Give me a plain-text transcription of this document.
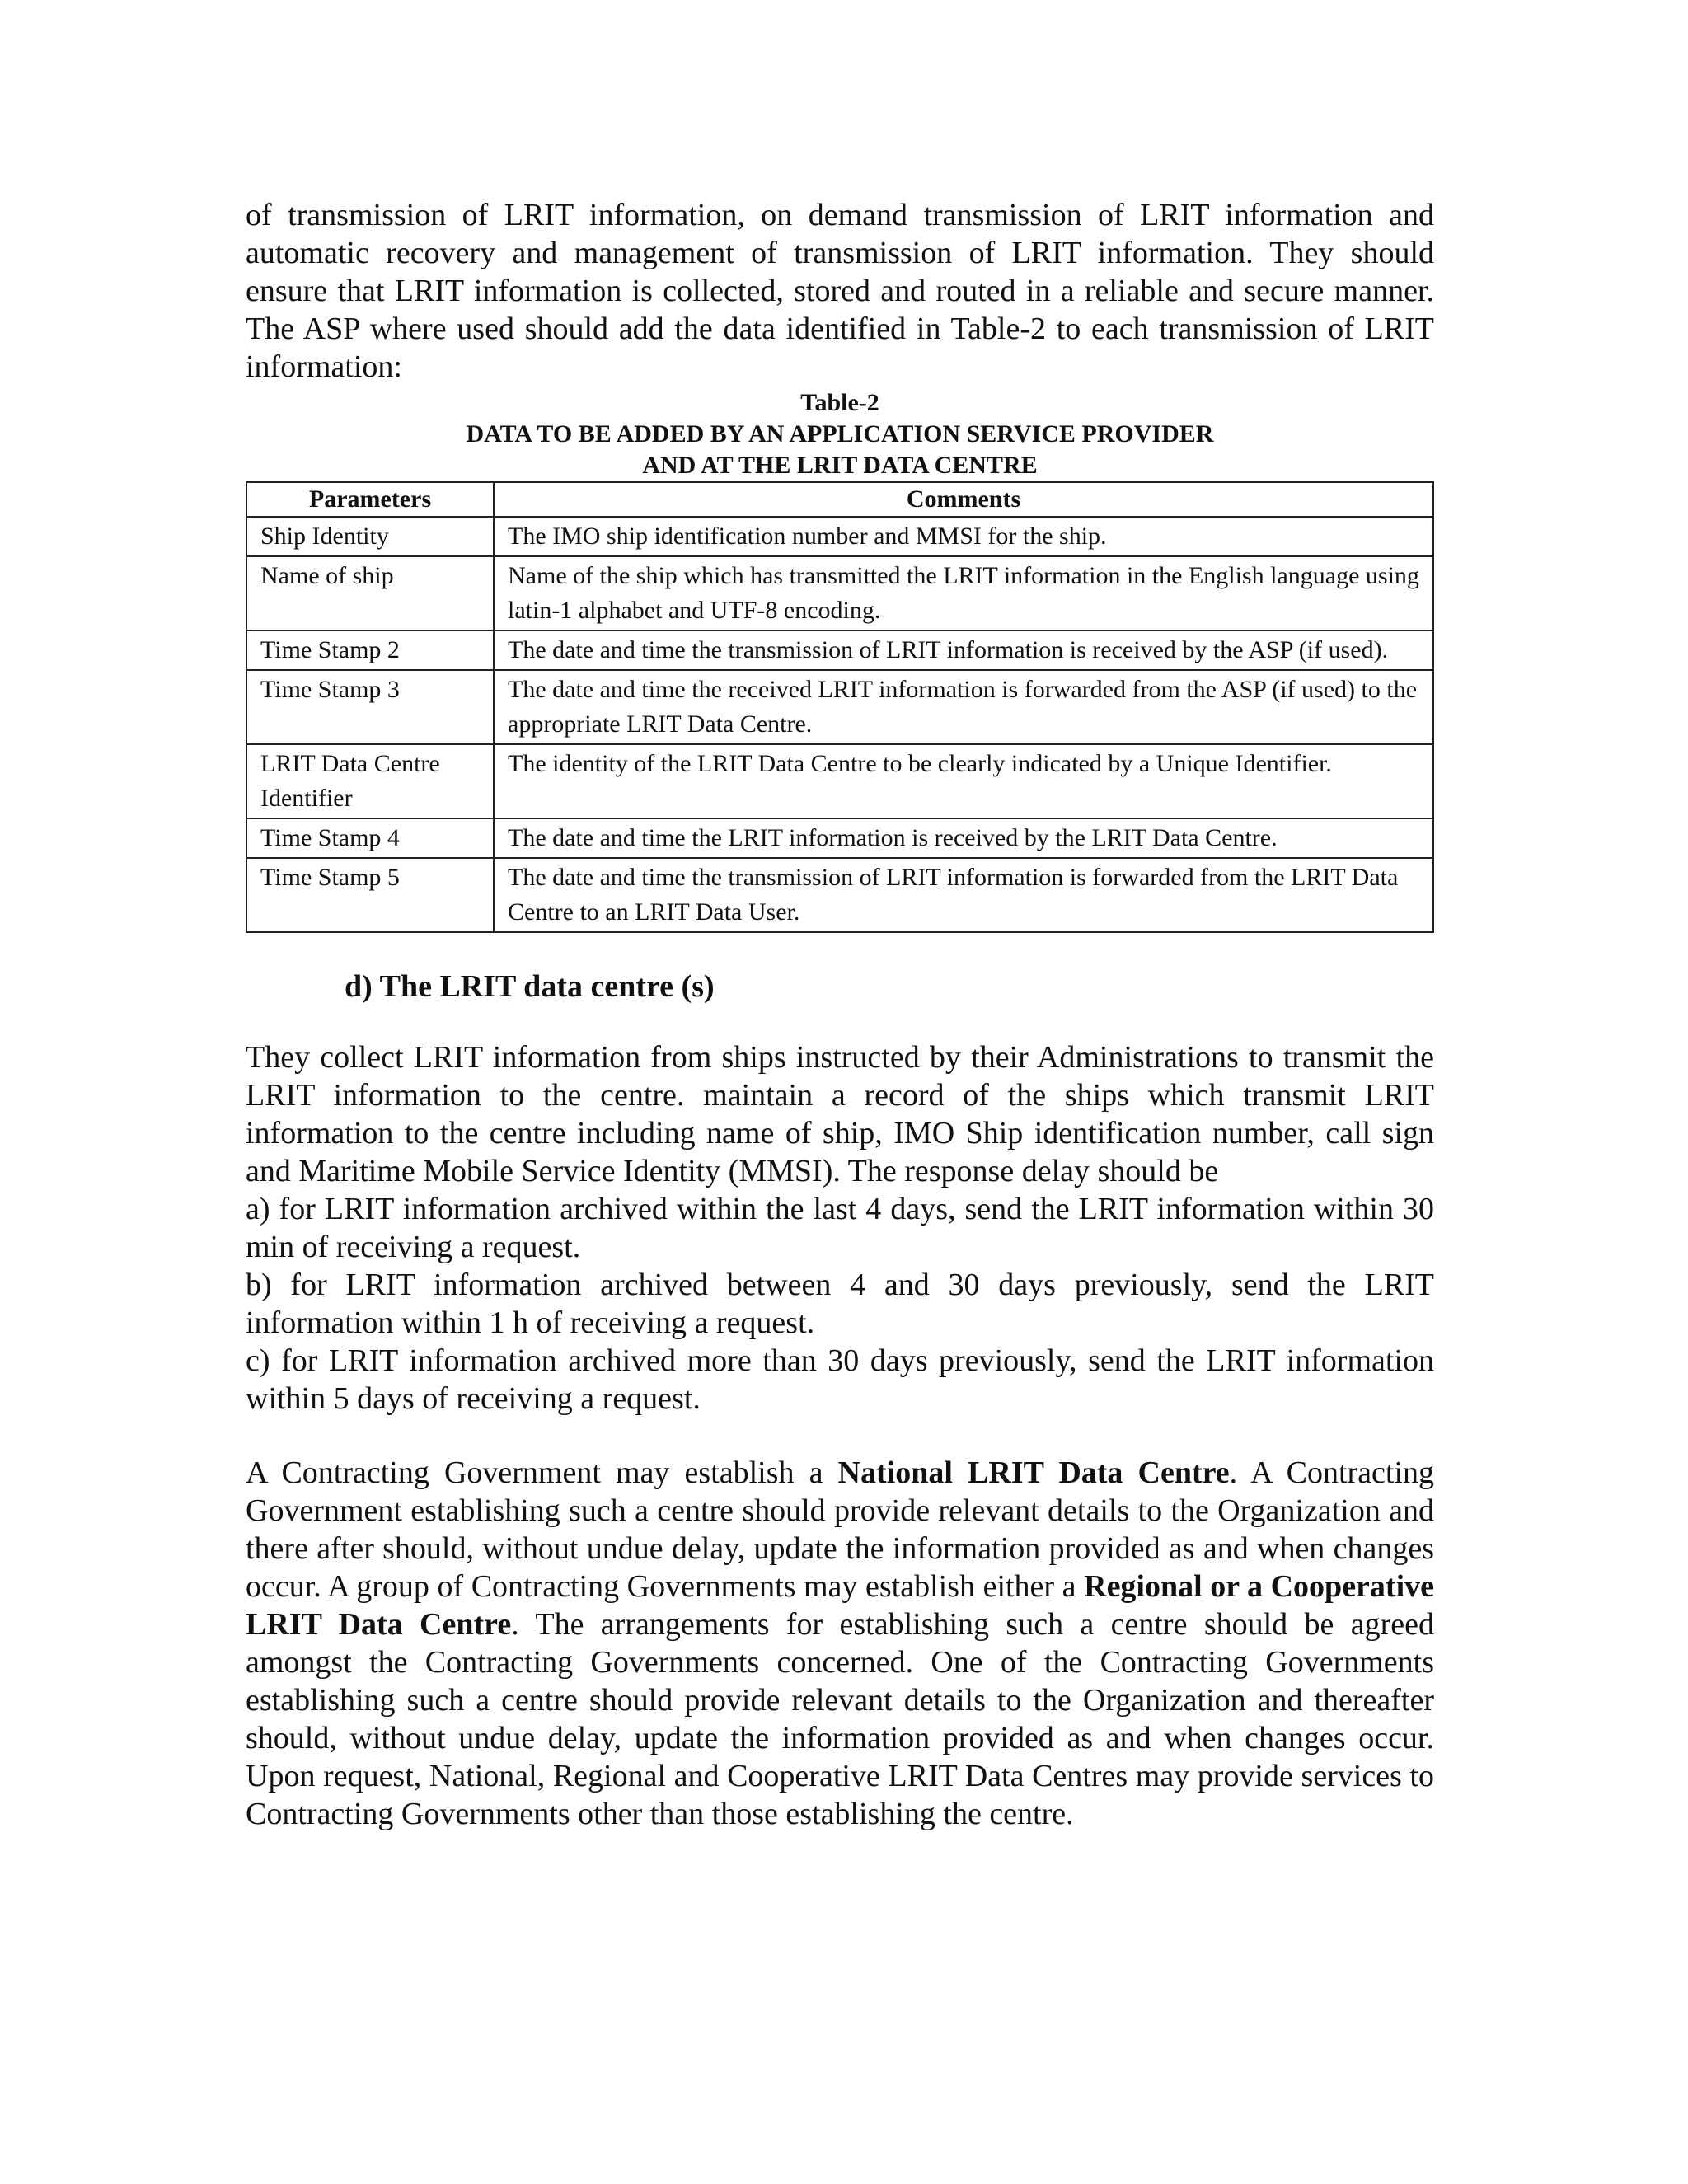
of transmission of LRIT information, on demand transmission of LRIT information and automatic recovery and management of transmission of LRIT information. They should ensure that LRIT information is collected, stored and routed in a reliable and secure manner. The ASP where used should add the data identified in Table-2 to each transmission of LRIT information:

Table-2
DATA TO BE ADDED BY AN APPLICATION SERVICE PROVIDER
AND AT THE LRIT DATA CENTRE
Parameters	Comments
Ship Identity	The IMO ship identification number and MMSI for the ship.
Name of ship	Name of the ship which has transmitted the LRIT information in the English language using latin-1 alphabet and UTF-8 encoding.
Time Stamp 2	The date and time the transmission of LRIT information is received by the ASP (if used).
Time Stamp 3	The date and time the received LRIT information is forwarded from the ASP (if used) to the appropriate LRIT Data Centre.
LRIT Data Centre Identifier	The identity of the LRIT Data Centre to be clearly indicated by a Unique Identifier.
Time Stamp 4	The date and time the LRIT information is received by the LRIT Data Centre.
Time Stamp 5	The date and time the transmission of LRIT information is forwarded from the LRIT Data Centre to an LRIT Data User.
d) The LRIT data centre (s)

They collect LRIT information from ships instructed by their Administrations to transmit the LRIT information to the centre. maintain a record of the ships which transmit LRIT information to the centre including name of ship, IMO Ship identification number, call sign and Maritime Mobile Service Identity (MMSI). The response delay should be

a) for LRIT information archived within the last 4 days, send the LRIT information within 30 min of receiving a request.

b) for LRIT information archived between 4 and 30 days previously, send the LRIT information within 1 h of receiving a request.

c) for LRIT information archived more than 30 days previously, send the LRIT information within 5 days of receiving a request.

A Contracting Government may establish a National LRIT Data Centre. A Contracting Government establishing such a centre should provide relevant details to the Organization and there after should, without undue delay, update the information provided as and when changes occur. A group of Contracting Governments may establish either a Regional or a Cooperative LRIT Data Centre. The arrangements for establishing such a centre should be agreed amongst the Contracting Governments concerned. One of the Contracting Governments establishing such a centre should provide relevant details to the Organization and thereafter should, without undue delay, update the information provided as and when changes occur. Upon request, National, Regional and Cooperative LRIT Data Centres may provide services to Contracting Governments other than those establishing the centre.
